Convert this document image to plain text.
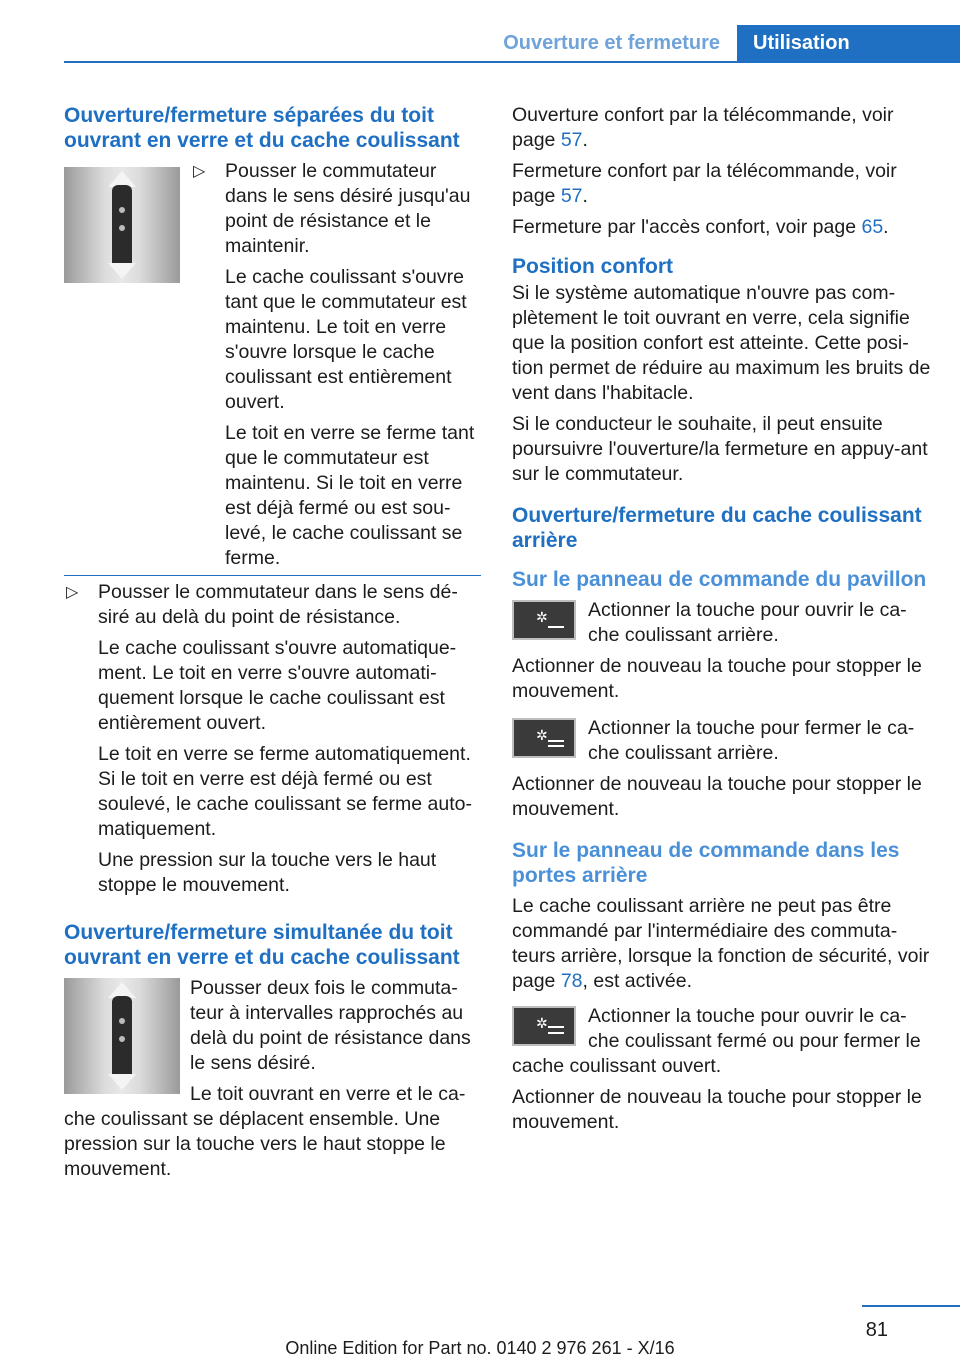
Ouverture et fermeture	Utilisation
Ouverture/fermeture séparées du toit ouvrant en verre et du cache coulissant
▷ Pousser le commutateur dans le sens désiré jusqu'au point de résistance et le maintenir.

Le cache coulissant s'ouvre tant que le commutateur est maintenu. Le toit en verre s'ouvre lorsque le cache coulissant est entièrement ouvert.

Le toit en verre se ferme tant que le commutateur est maintenu. Si le toit en verre est déjà fermé ou est sou‐levé, le cache coulissant se ferme.

▷ Pousser le commutateur dans le sens dé‐siré au delà du point de résistance.

Le cache coulissant s'ouvre automatique‐ment. Le toit en verre s'ouvre automati‐quement lorsque le cache coulissant est entièrement ouvert.

Le toit en verre se ferme automatiquement. Si le toit en verre est déjà fermé ou est soulevé, le cache coulissant se ferme auto‐matiquement.

Une pression sur la touche vers le haut stoppe le mouvement.

Ouverture/fermeture simultanée du toit ouvrant en verre et du cache coulissant

Pousser deux fois le commuta‐teur à intervalles rapprochés au delà du point de résistance dans le sens désiré.

Le toit ouvrant en verre et le ca‐che coulissant se déplacent ensemble. Une pression sur la touche vers le haut stoppe le mouvement.

Ouverture confort par la télécommande, voir page 57.

Fermeture confort par la télécommande, voir page 57.

Fermeture par l'accès confort, voir page 65.

Position confort

Si le système automatique n'ouvre pas com‐plètement le toit ouvrant en verre, cela signifie que la position confort est atteinte. Cette posi‐tion permet de réduire au maximum les bruits de vent dans l'habitacle.

Si le conducteur le souhaite, il peut ensuite poursuivre l'ouverture/la fermeture en appuy‐ant sur le commutateur.

Ouverture/fermeture du cache coulissant arrière
Sur le panneau de commande du pavillon
✲ Actionner la touche pour ouvrir le ca‐che coulissant arrière.

Actionner de nouveau la touche pour stopper le mouvement.

✲ Actionner la touche pour fermer le ca‐che coulissant arrière.

Actionner de nouveau la touche pour stopper le mouvement.

Sur le panneau de commande dans les portes arrière

Le cache coulissant arrière ne peut pas être commandé par l'intermédiaire des commuta‐teurs arrière, lorsque la fonction de sécurité, voir page 78, est activée.

✲	Actionner la touche pour ouvrir le ca‐che coulissant fermé ou pour fermer le cache coulissant ouvert.

Actionner de nouveau la touche pour stopper le mouvement.

81
Online Edition for Part no. 0140 2 976 261 - X/16
